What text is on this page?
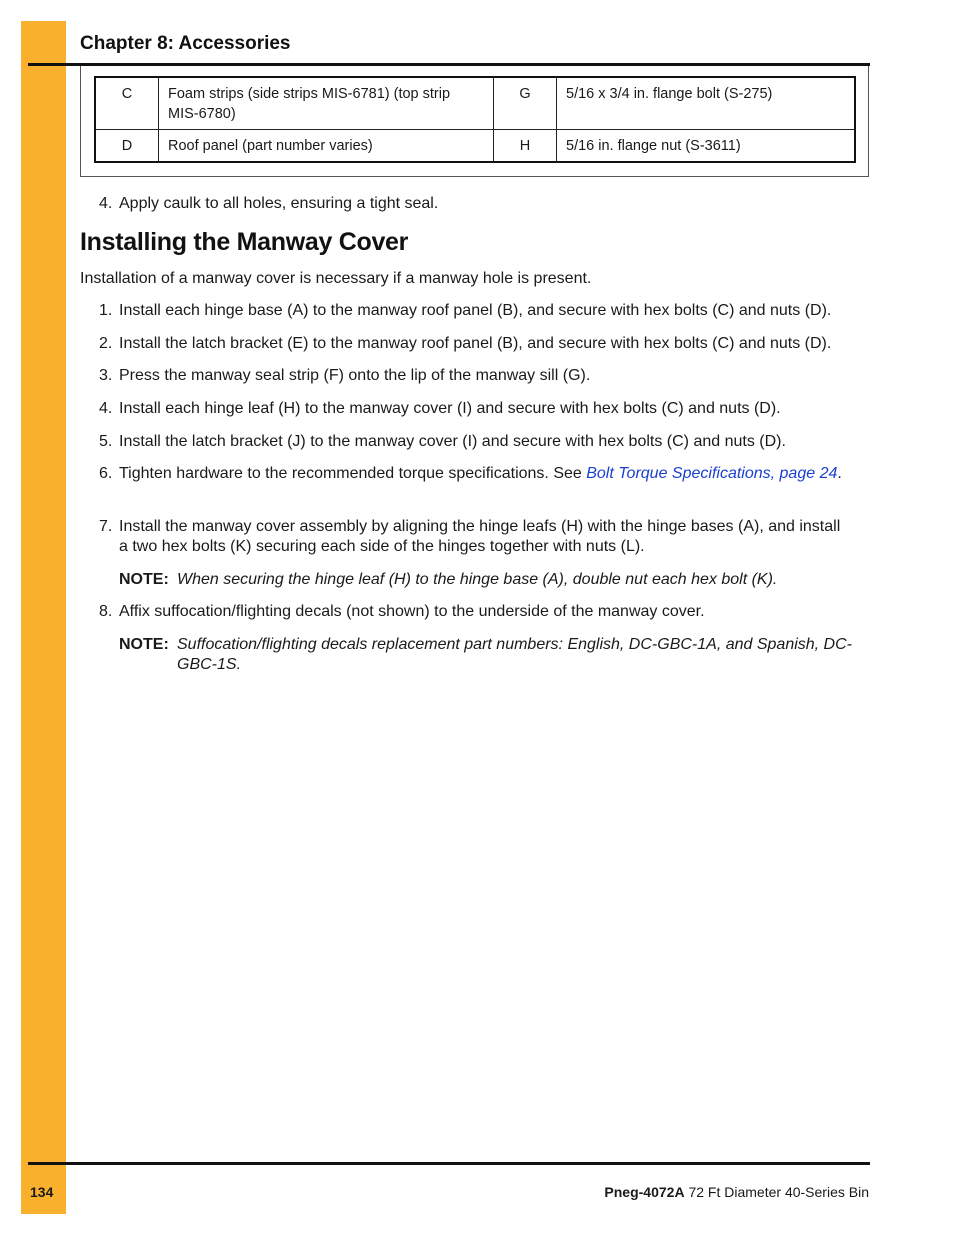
Chapter 8: Accessories
C	Foam strips (side strips MIS-6781) (top strip MIS-6780)	G	5/16 x 3/4 in. flange bolt (S-275)
D	Roof panel (part number varies)	H	5/16 in. flange nut (S-3611)
4. Apply caulk to all holes, ensuring a tight seal.
Installing the Manway Cover
Installation of a manway cover is necessary if a manway hole is present.
1. Install each hinge base (A) to the manway roof panel (B), and secure with hex bolts (C) and nuts (D).
2. Install the latch bracket (E) to the manway roof panel (B), and secure with hex bolts (C) and nuts (D).
3. Press the manway seal strip (F) onto the lip of the manway sill (G).
4. Install each hinge leaf (H) to the manway cover (I) and secure with hex bolts (C) and nuts (D).
5. Install the latch bracket (J) to the manway cover (I) and secure with hex bolts (C) and nuts (D).
6. Tighten hardware to the recommended torque specifications. See Bolt Torque Specifications, page 24.
7. Install the manway cover assembly by aligning the hinge leafs (H) with the hinge bases (A), and install a two hex bolts (K) securing each side of the hinges together with nuts (L).
NOTE: When securing the hinge leaf (H) to the hinge base (A), double nut each hex bolt (K).
8. Affix suffocation/flighting decals (not shown) to the underside of the manway cover.
NOTE: Suffocation/flighting decals replacement part numbers: English, DC-GBC-1A, and Spanish, DC-GBC-1S.
134	Pneg-4072A 72 Ft Diameter 40-Series Bin
